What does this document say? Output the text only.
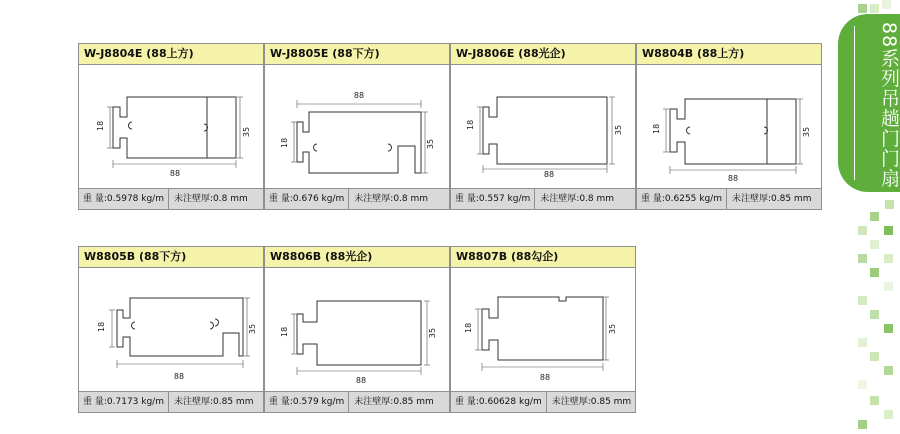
W-J8804E (88上方)
18
35
88
重 量:0.5978 kg/m	未注壁厚:0.8 mm
W-J8805E (88下方)
18	35
88
重 量:0.676 kg/m	未注壁厚:0.8 mm
W-J8806E (88光企)
18	35
88
重 量:0.557 kg/m	未注壁厚:0.8 mm
W8804B (88上方)
18	35
88
重 量:0.6255 kg/m	未注壁厚:0.85 mm
W8805B (88下方)
18	35
88
重 量:0.7173 kg/m	未注壁厚:0.85 mm
W8806B (88光企)
18	35
88
重 量:0.579 kg/m	未注壁厚:0.85 mm
W8807B (88勾企)
18	35
88
重 量:0.60628 kg/m	未注壁厚:0.85 mm
88系列吊趟门门扇
